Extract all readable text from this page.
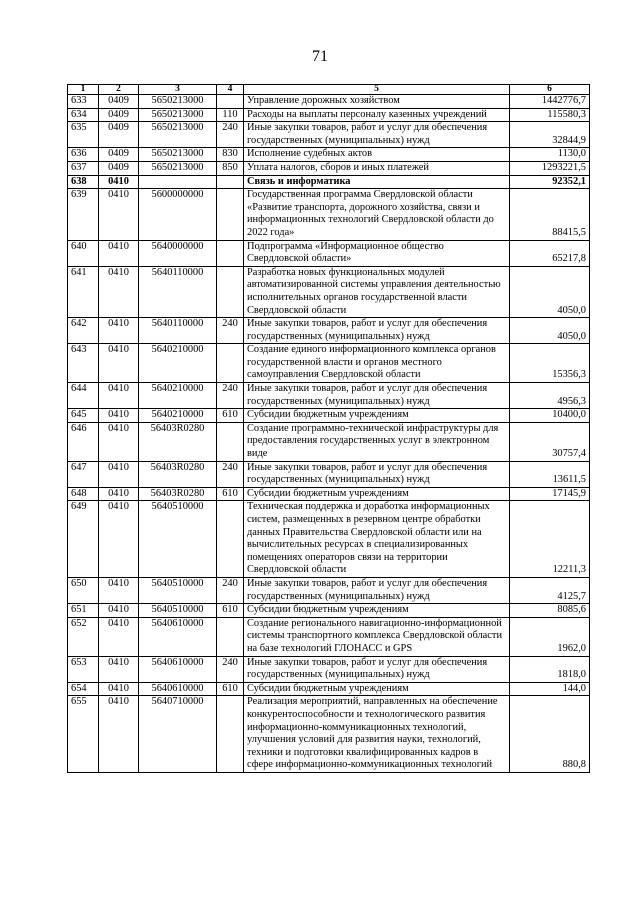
71
1	2	3	4	5	6
633	0409	5650213000		Управление дорожных хозяйством	1442776,7
634	0409	5650213000	110	Расходы на выплаты персоналу казенных учреждений	115580,3
635	0409	5650213000	240	Иные закупки товаров, работ и услуг для обеспечения государственных (муниципальных) нужд	32844,9
636	0409	5650213000	830	Исполнение судебных актов	1130,0
637	0409	5650213000	850	Уплата налогов, сборов и иных платежей	1293221,5
638	0410			Связь и информатика	92352,1
639	0410	5600000000		Государственная программа Свердловской области «Развитие транспорта, дорожного хозяйства, связи и информационных технологий Свердловской области до 2022 года»	88415,5
640	0410	5640000000		Подпрограмма «Информационное общество Свердловской области»	65217,8
641	0410	5640110000		Разработка новых функциональных модулей автоматизированной системы управления деятельностью исполнительных органов государственной власти Свердловской области	4050,0
642	0410	5640110000	240	Иные закупки товаров, работ и услуг для обеспечения государственных (муниципальных) нужд	4050,0
643	0410	5640210000		Создание единого информационного комплекса органов государственной власти и органов местного самоуправления Свердловской области	15356,3
644	0410	5640210000	240	Иные закупки товаров, работ и услуг для обеспечения государственных (муниципальных) нужд	4956,3
645	0410	5640210000	610	Субсидии бюджетным учреждениям	10400,0
646	0410	56403R0280		Создание программно-технической инфраструктуры для предоставления государственных услуг в электронном виде	30757,4
647	0410	56403R0280	240	Иные закупки товаров, работ и услуг для обеспечения государственных (муниципальных) нужд	13611,5
648	0410	56403R0280	610	Субсидии бюджетным учреждениям	17145,9
649	0410	5640510000		Техническая поддержка и доработка информационных систем, размещенных в резервном центре обработки данных Правительства Свердловской области или на вычислительных ресурсах в специализированных помещениях операторов связи на территории Свердловской области	12211,3
650	0410	5640510000	240	Иные закупки товаров, работ и услуг для обеспечения государственных (муниципальных) нужд	4125,7
651	0410	5640510000	610	Субсидии бюджетным учреждениям	8085,6
652	0410	5640610000		Создание регионального навигационно-информационной системы транспортного комплекса Свердловской области на базе технологий ГЛОНАСС и GPS	1962,0
653	0410	5640610000	240	Иные закупки товаров, работ и услуг для обеспечения государственных (муниципальных) нужд	1818,0
654	0410	5640610000	610	Субсидии бюджетным учреждениям	144,0
655	0410	5640710000		Реализация мероприятий, направленных на обеспечение конкурентоспособности и технологического развития информационно-коммуникационных технологий, улучшения условий для развития науки, технологий, техники и подготовки квалифицированных кадров в сфере информационно-коммуникационных технологий	880,8
